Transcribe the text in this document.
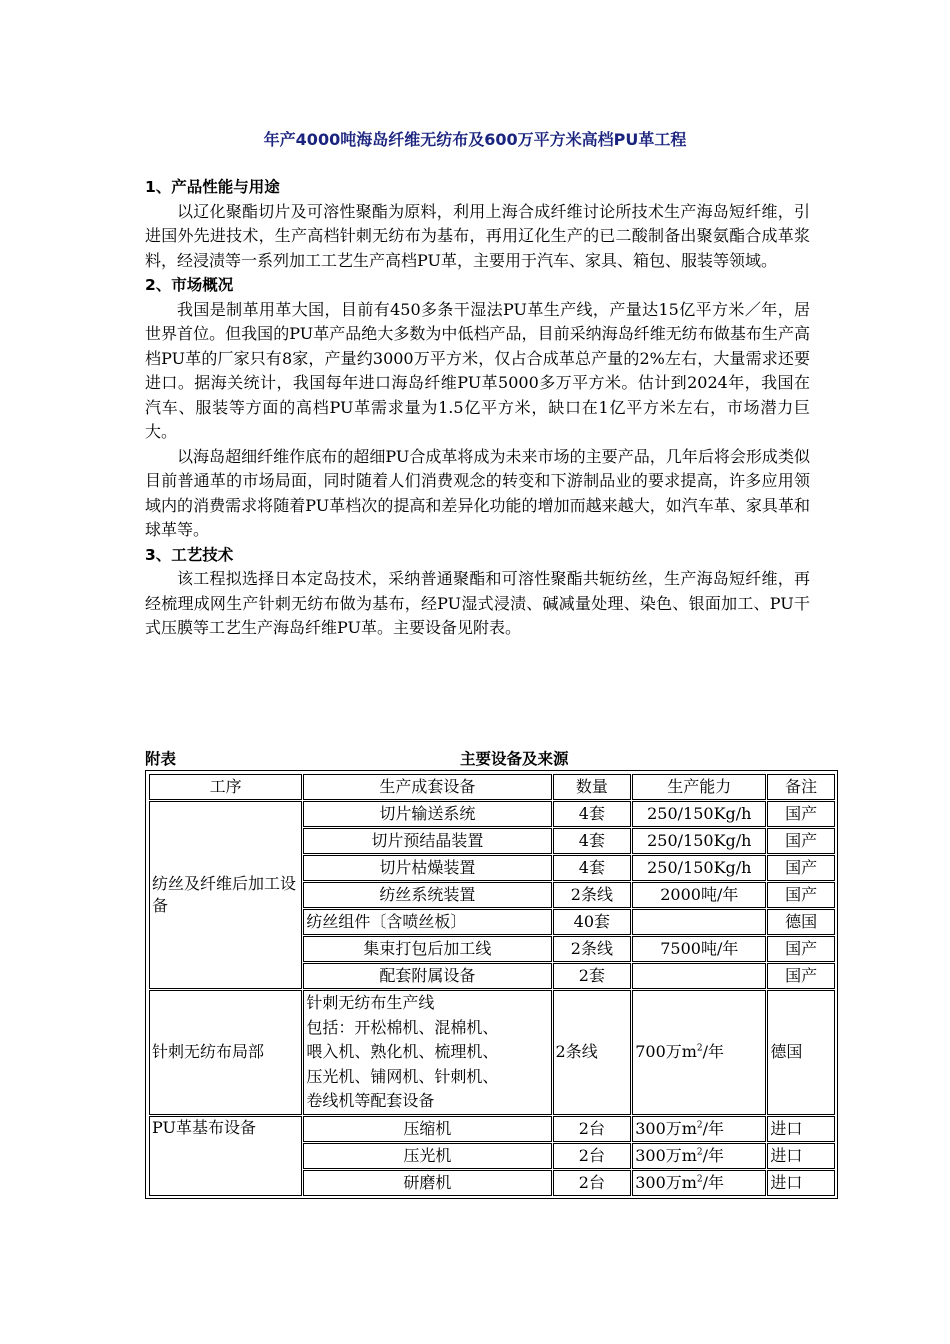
年产4000吨海岛纤维无纺布及600万平方米高档PU革工程

1、产品性能与用途

以辽化聚酯切片及可溶性聚酯为原料，利用上海合成纤维讨论所技术生产海岛短纤维，引进国外先进技术，生产高档针刺无纺布为基布，再用辽化生产的已二酸制备出聚氨酯合成革浆料，经浸渍等一系列加工工艺生产高档PU革，主要用于汽车、家具、箱包、服装等领域。

2、市场概况

我国是制革用革大国，目前有450多条干湿法PU革生产线，产量达15亿平方米／年，居世界首位。但我国的PU革产品绝大多数为中低档产品，目前采纳海岛纤维无纺布做基布生产高档PU革的厂家只有8家，产量约3000万平方米，仅占合成革总产量的2%左右，大量需求还要进口。据海关统计，我国每年进口海岛纤维PU革5000多万平方米。估计到2024年，我国在汽车、服装等方面的高档PU革需求量为1.5亿平方米，缺口在1亿平方米左右，市场潜力巨大。

以海岛超细纤维作底布的超细PU合成革将成为未来市场的主要产品，几年后将会形成类似目前普通革的市场局面，同时随着人们消费观念的转变和下游制品业的要求提高，许多应用领域内的消费需求将随着PU革档次的提高和差异化功能的增加而越来越大，如汽车革、家具革和球革等。

3、工艺技术

该工程拟选择日本定岛技术，采纳普通聚酯和可溶性聚酯共轭纺丝，生产海岛短纤维，再经梳理成网生产针刺无纺布做为基布，经PU湿式浸渍、碱减量处理、染色、银面加工、PU干式压膜等工艺生产海岛纤维PU革。主要设备见附表。

附表	主要设备及来源
工序	生产成套设备	数量	生产能力	备注
纺丝及纤维后加工设备	切片输送系统	4套	250/150Kg/h	国产
	切片预结晶装置	4套	250/150Kg/h	国产
	切片枯燥装置	4套	250/150Kg/h	国产
	纺丝系统装置	2条线	2000吨/年	国产
	纺丝组件〔含喷丝板〕	40套		德国
	集束打包后加工线	2条线	7500吨/年	国产
	配套附属设备	2套		国产
针刺无纺布局部	针刺无纺布生产线
包括：开松棉机、混棉机、
喂入机、熟化机、梳理机、
压光机、铺网机、针刺机、
卷线机等配套设备	2条线	700万$m^2/$年	德国
PU革基布设备	压缩机	2台	300万$m^2/$年	进口
	压光机	2台	300万$m^2/$年	进口
	研磨机	2台	300万$m^2/$年	进口
